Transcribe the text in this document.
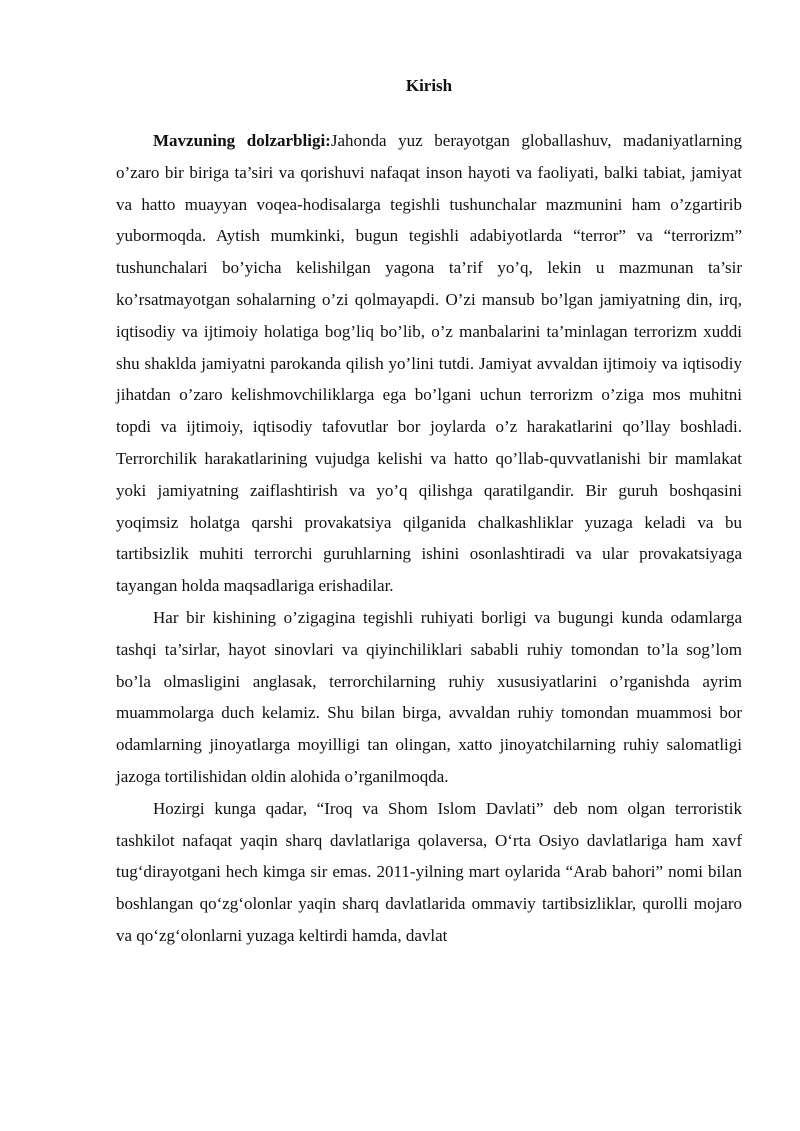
Kirish

Mavzuning dolzarbligi:Jahonda yuz berayotgan globallashuv, madaniyatlarning o’zaro bir biriga ta’siri va qorishuvi nafaqat inson hayoti va faoliyati, balki tabiat, jamiyat va hatto muayyan voqea-hodisalarga tegishli tushunchalar mazmunini ham o’zgartirib yubormoqda. Aytish mumkinki, bugun tegishli adabiyotlarda “terror” va “terrorizm” tushunchalari bo’yicha kelishilgan yagona ta’rif yo’q, lekin u mazmunan ta’sir ko’rsatmayotgan sohalarning o’zi qolmayapdi. O’zi mansub bo’lgan jamiyatning din, irq, iqtisodiy va ijtimoiy holatiga bog’liq bo’lib, o’z manbalarini ta’minlagan terrorizm xuddi shu shaklda jamiyatni parokanda qilish yo’lini tutdi. Jamiyat avvaldan ijtimoiy va iqtisodiy jihatdan o’zaro kelishmovchiliklarga ega bo’lgani uchun terrorizm o’ziga mos muhitni topdi va ijtimoiy, iqtisodiy tafovutlar bor joylarda o’z harakatlarini qo’llay boshladi. Terrorchilik harakatlarining vujudga kelishi va hatto qo’llab-quvvatlanishi bir mamlakat yoki jamiyatning zaiflashtirish va yo’q qilishga qaratilgandir. Bir guruh boshqasini yoqimsiz holatga qarshi provakatsiya qilganida chalkashliklar yuzaga keladi va bu tartibsizlik muhiti terrorchi guruhlarning ishini osonlashtiradi va ular provakatsiyaga tayangan holda maqsadlariga erishadilar.

Har bir kishining o’zigagina tegishli ruhiyati borligi va bugungi kunda odamlarga tashqi ta’sirlar, hayot sinovlari va qiyinchiliklari sababli ruhiy tomondan to’la sog’lom bo’la olmasligini anglasak, terrorchilarning ruhiy xususiyatlarini o’rganishda ayrim muammolarga duch kelamiz. Shu bilan birga, avvaldan ruhiy tomondan muammosi bor odamlarning jinoyatlarga moyilligi tan olingan, xatto jinoyatchilarning ruhiy salomatligi jazoga tortilishidan oldin alohida o’rganilmoqda.

Hozirgi kunga qadar, “Iroq va Shom Islom Davlati” deb nom olgan terroristik tashkilot nafaqat yaqin sharq davlatlariga qolaversa, O‘rta Osiyo davlatlariga ham xavf tug‘dirayotgani hech kimga sir emas. 2011-yilning mart oylarida “Arab bahori” nomi bilan boshlangan qo‘zg‘olonlar yaqin sharq davlatlarida ommaviy tartibsizliklar, qurolli mojaro va qo‘zg‘olonlarni yuzaga keltirdi hamda, davlat
